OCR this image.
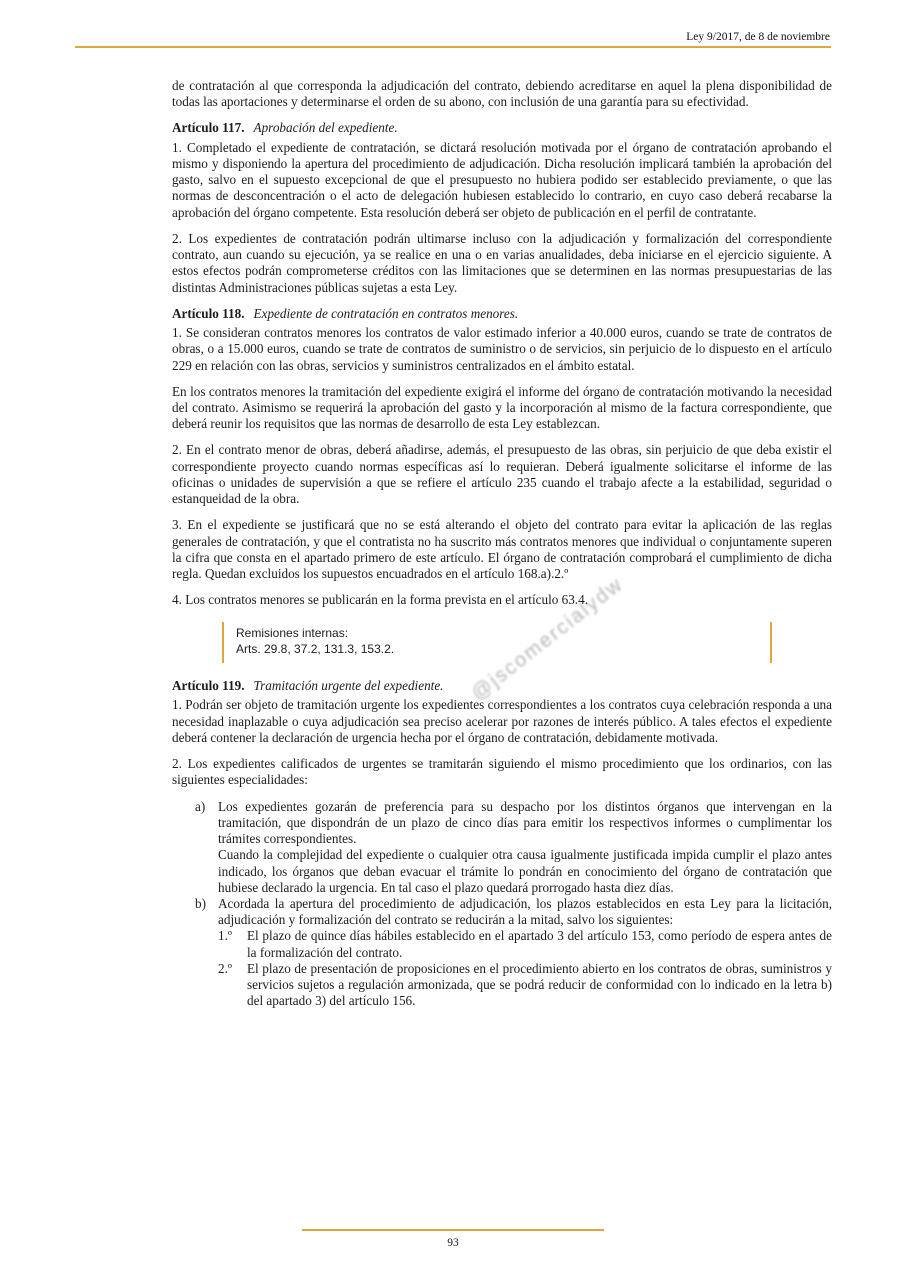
Ley 9/2017, de 8 de noviembre
@jscomercialydw

de contratación al que corresponda la adjudicación del contrato, debiendo acreditarse en aquel la plena disponibilidad de todas las aportaciones y determinarse el orden de su abono, con inclusión de una garantía para su efectividad.

Artículo 117. Aprobación del expediente.

1. Completado el expediente de contratación, se dictará resolución motivada por el órgano de contratación aprobando el mismo y disponiendo la apertura del procedimiento de adjudicación. Dicha resolución implicará también la aprobación del gasto, salvo en el supuesto excepcional de que el presupuesto no hubiera podido ser establecido previamente, o que las normas de desconcentración o el acto de delegación hubiesen establecido lo contrario, en cuyo caso deberá recabarse la aprobación del órgano competente. Esta resolución deberá ser objeto de publicación en el perfil de contratante.

2. Los expedientes de contratación podrán ultimarse incluso con la adjudicación y formalización del correspondiente contrato, aun cuando su ejecución, ya se realice en una o en varias anualidades, deba iniciarse en el ejercicio siguiente. A estos efectos podrán comprometerse créditos con las limitaciones que se determinen en las normas presupuestarias de las distintas Administraciones públicas sujetas a esta Ley.

Artículo 118. Expediente de contratación en contratos menores.

1. Se consideran contratos menores los contratos de valor estimado inferior a 40.000 euros, cuando se trate de contratos de obras, o a 15.000 euros, cuando se trate de contratos de suministro o de servicios, sin perjuicio de lo dispuesto en el artículo 229 en relación con las obras, servicios y suministros centralizados en el ámbito estatal.

En los contratos menores la tramitación del expediente exigirá el informe del órgano de contratación motivando la necesidad del contrato. Asimismo se requerirá la aprobación del gasto y la incorporación al mismo de la factura correspondiente, que deberá reunir los requisitos que las normas de desarrollo de esta Ley establezcan.

2. En el contrato menor de obras, deberá añadirse, además, el presupuesto de las obras, sin perjuicio de que deba existir el correspondiente proyecto cuando normas específicas así lo requieran. Deberá igualmente solicitarse el informe de las oficinas o unidades de supervisión a que se refiere el artículo 235 cuando el trabajo afecte a la estabilidad, seguridad o estanqueidad de la obra.

3. En el expediente se justificará que no se está alterando el objeto del contrato para evitar la aplicación de las reglas generales de contratación, y que el contratista no ha suscrito más contratos menores que individual o conjuntamente superen la cifra que consta en el apartado primero de este artículo. El órgano de contratación comprobará el cumplimiento de dicha regla. Quedan excluidos los supuestos encuadrados en el artículo 168.a).2.º

4. Los contratos menores se publicarán en la forma prevista en el artículo 63.4.

Remisiones internas:
Arts. 29.8, 37.2, 131.3, 153.2.
Artículo 119. Tramitación urgente del expediente.

1. Podrán ser objeto de tramitación urgente los expedientes correspondientes a los contratos cuya celebración responda a una necesidad inaplazable o cuya adjudicación sea preciso acelerar por razones de interés público. A tales efectos el expediente deberá contener la declaración de urgencia hecha por el órgano de contratación, debidamente motivada.

2. Los expedientes calificados de urgentes se tramitarán siguiendo el mismo procedimiento que los ordinarios, con las siguientes especialidades:

a) Los expedientes gozarán de preferencia para su despacho por los distintos órganos que intervengan en la tramitación, que dispondrán de un plazo de cinco días para emitir los respectivos informes o cumplimentar los trámites correspondientes.

Cuando la complejidad del expediente o cualquier otra causa igualmente justificada impida cumplir el plazo antes indicado, los órganos que deban evacuar el trámite lo pondrán en conocimiento del órgano de contratación que hubiese declarado la urgencia. En tal caso el plazo quedará prorrogado hasta diez días.

b) Acordada la apertura del procedimiento de adjudicación, los plazos establecidos en esta Ley para la licitación, adjudicación y formalización del contrato se reducirán a la mitad, salvo los siguientes:

1.º	El plazo de quince días hábiles establecido en el apartado 3 del artículo 153, como período de espera antes de la formalización del contrato.
2.º	El plazo de presentación de proposiciones en el procedimiento abierto en los contratos de obras, suministros y servicios sujetos a regulación armonizada, que se podrá reducir de conformidad con lo indicado en la letra b) del apartado 3) del artículo 156.
93
